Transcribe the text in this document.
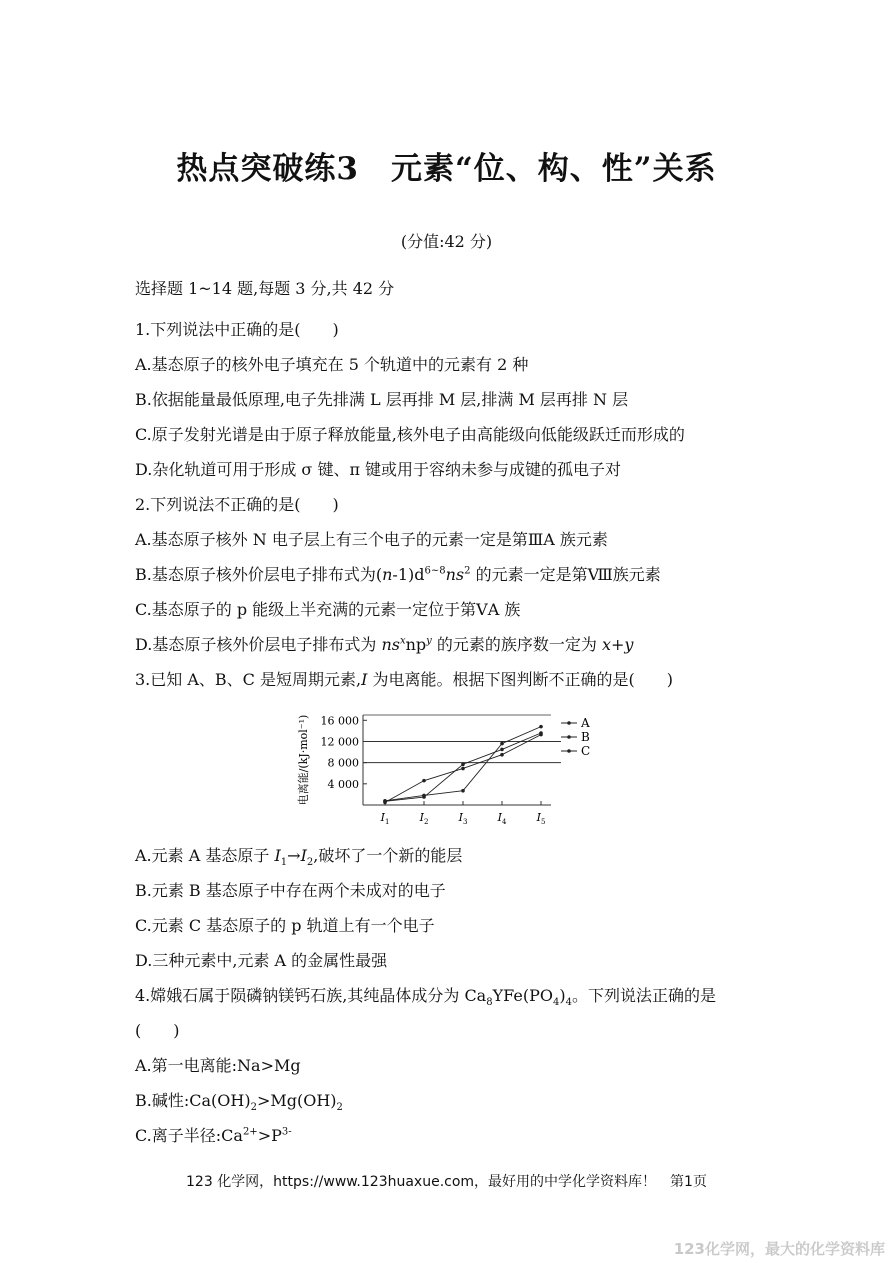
热点突破练3　元素“位、构、性”关系
(分值:42 分)
选择题 1~14 题,每题 3 分,共 42 分
1.下列说法中正确的是(　　)
A.基态原子的核外电子填充在 5 个轨道中的元素有 2 种
B.依据能量最低原理,电子先排满 L 层再排 M 层,排满 M 层再排 N 层
C.原子发射光谱是由于原子释放能量,核外电子由高能级向低能级跃迁而形成的
D.杂化轨道可用于形成 σ 键、π 键或用于容纳未参与成键的孤电子对
2.下列说法不正确的是(　　)
A.基态原子核外 N 电子层上有三个电子的元素一定是第ⅢA 族元素
B.基态原子核外价层电子排布式为$(n-1)d^{6\sim 8}ns^2$ 的元素一定是第Ⅷ族元素
C.基态原子的 p 能级上半充满的元素一定位于第ⅤA 族
D.基态原子核外价层电子排布式为 $ns^xnp^y$ 的元素的族序数一定为 x+y
3.已知 A、B、C 是短周期元素,I 为电离能。根据下图判断不正确的是(　　)
16 000
12 000
8 000
4 000
电离能/(kJ·mol⁻¹)
$I_1$	$I_2$	$I_3$	$I_4$	$I_5$
A
B
C
A.元素 A 基态原子 $I_1\to I_2$,破坏了一个新的能层
B.元素 B 基态原子中存在两个未成对的电子
C.元素 C 基态原子的 p 轨道上有一个电子
D.三种元素中,元素 A 的金属性最强
4.嫦娥石属于陨磷钠镁钙石族,其纯晶体成分为 $Ca_8YFe(PO_4)_4$。下列说法正确的是
(　　)
A.第一电离能:Na>Mg
B.碱性$:Ca(OH)_2>Mg(OH)_2$
C.离子半径$:Ca^{2+}>P^{3-}$
123 化学网，https://www.123huaxue.com，最好用的中学化学资料库！　第1页
123化学网，最大的化学资料库
